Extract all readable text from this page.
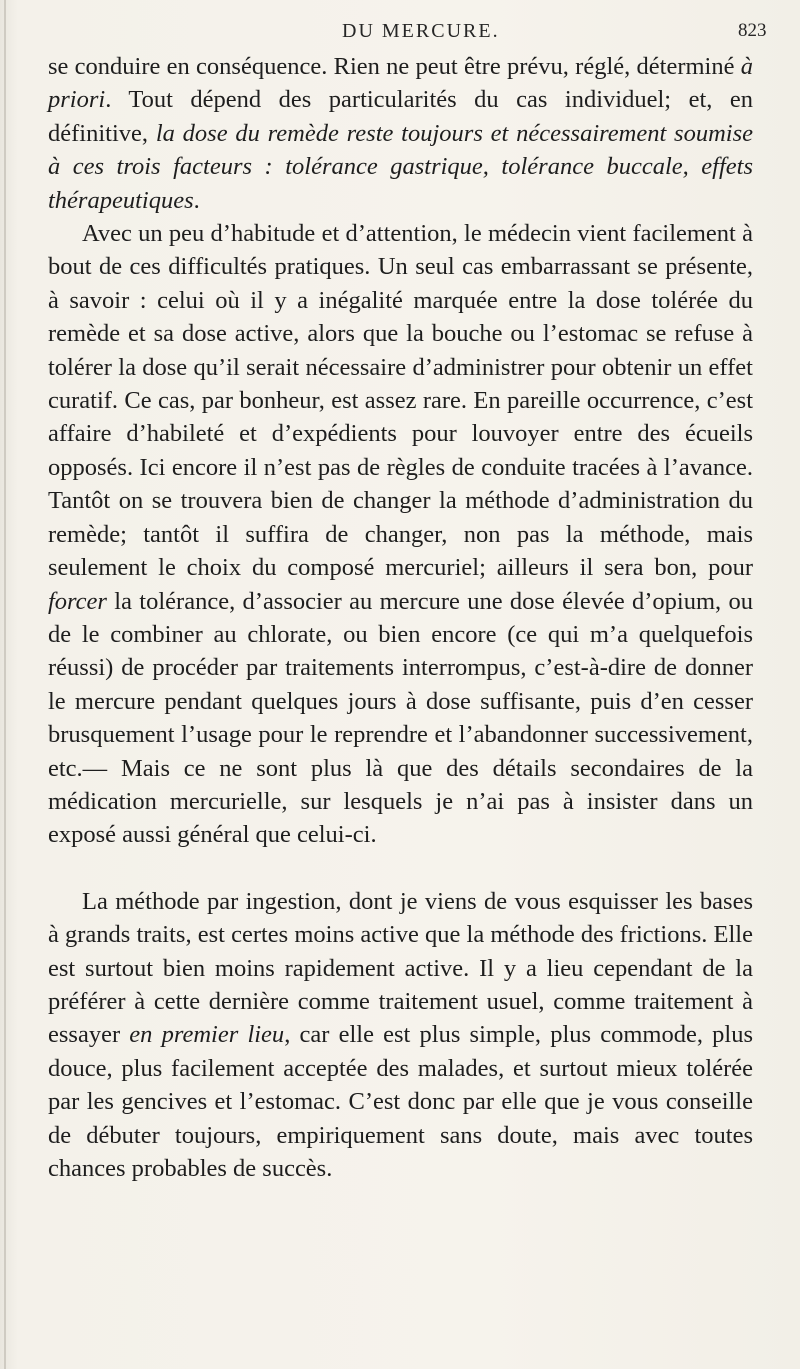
DU MERCURE.	823

se conduire en conséquence. Rien ne peut être prévu, réglé, déterminé à priori. Tout dépend des particularités du cas individuel; et, en définitive, la dose du remède reste toujours et nécessairement soumise à ces trois facteurs : tolérance gastrique, tolérance buccale, effets thérapeutiques.

Avec un peu d’habitude et d’attention, le médecin vient facilement à bout de ces difficultés pratiques. Un seul cas embarrassant se présente, à savoir : celui où il y a inégalité marquée entre la dose tolérée du remède et sa dose active, alors que la bouche ou l’estomac se refuse à tolérer la dose qu’il serait nécessaire d’administrer pour obtenir un effet curatif. Ce cas, par bonheur, est assez rare. En pareille occurrence, c’est affaire d’habileté et d’expédients pour louvoyer entre des écueils opposés. Ici encore il n’est pas de règles de conduite tracées à l’avance. Tantôt on se trouvera bien de changer la méthode d’administration du remède; tantôt il suffira de changer, non pas la méthode, mais seulement le choix du composé mercuriel; ailleurs il sera bon, pour forcer la tolérance, d’associer au mercure une dose élevée d’opium, ou de le combiner au chlorate, ou bien encore (ce qui m’a quelquefois réussi) de procéder par traitements interrompus, c’est-à-dire de donner le mercure pendant quelques jours à dose suffisante, puis d’en cesser brusquement l’usage pour le reprendre et l’abandonner successivement, etc.— Mais ce ne sont plus là que des détails secondaires de la médication mercurielle, sur lesquels je n’ai pas à insister dans un exposé aussi général que celui-ci.

La méthode par ingestion, dont je viens de vous esquisser les bases à grands traits, est certes moins active que la méthode des frictions. Elle est surtout bien moins rapidement active. Il y a lieu cependant de la préférer à cette dernière comme traitement usuel, comme traitement à essayer en premier lieu, car elle est plus simple, plus commode, plus douce, plus facilement acceptée des malades, et surtout mieux tolérée par les gencives et l’estomac. C’est donc par elle que je vous conseille de débuter toujours, empiriquement sans doute, mais avec toutes chances probables de succès.
